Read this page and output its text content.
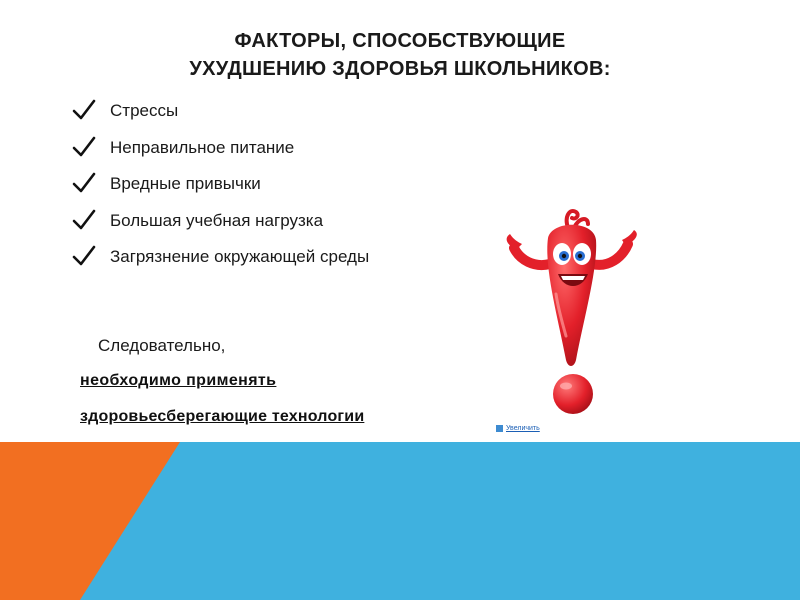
ФАКТОРЫ, СПОСОБСТВУЮЩИЕ
УХУДШЕНИЮ ЗДОРОВЬЯ ШКОЛЬНИКОВ:
Стрессы
Неправильное питание
Вредные привычки
Большая учебная нагрузка
Загрязнение окружающей среды
Следовательно,
необходимо применять
здоровьесберегающие технологии
Увеличить
